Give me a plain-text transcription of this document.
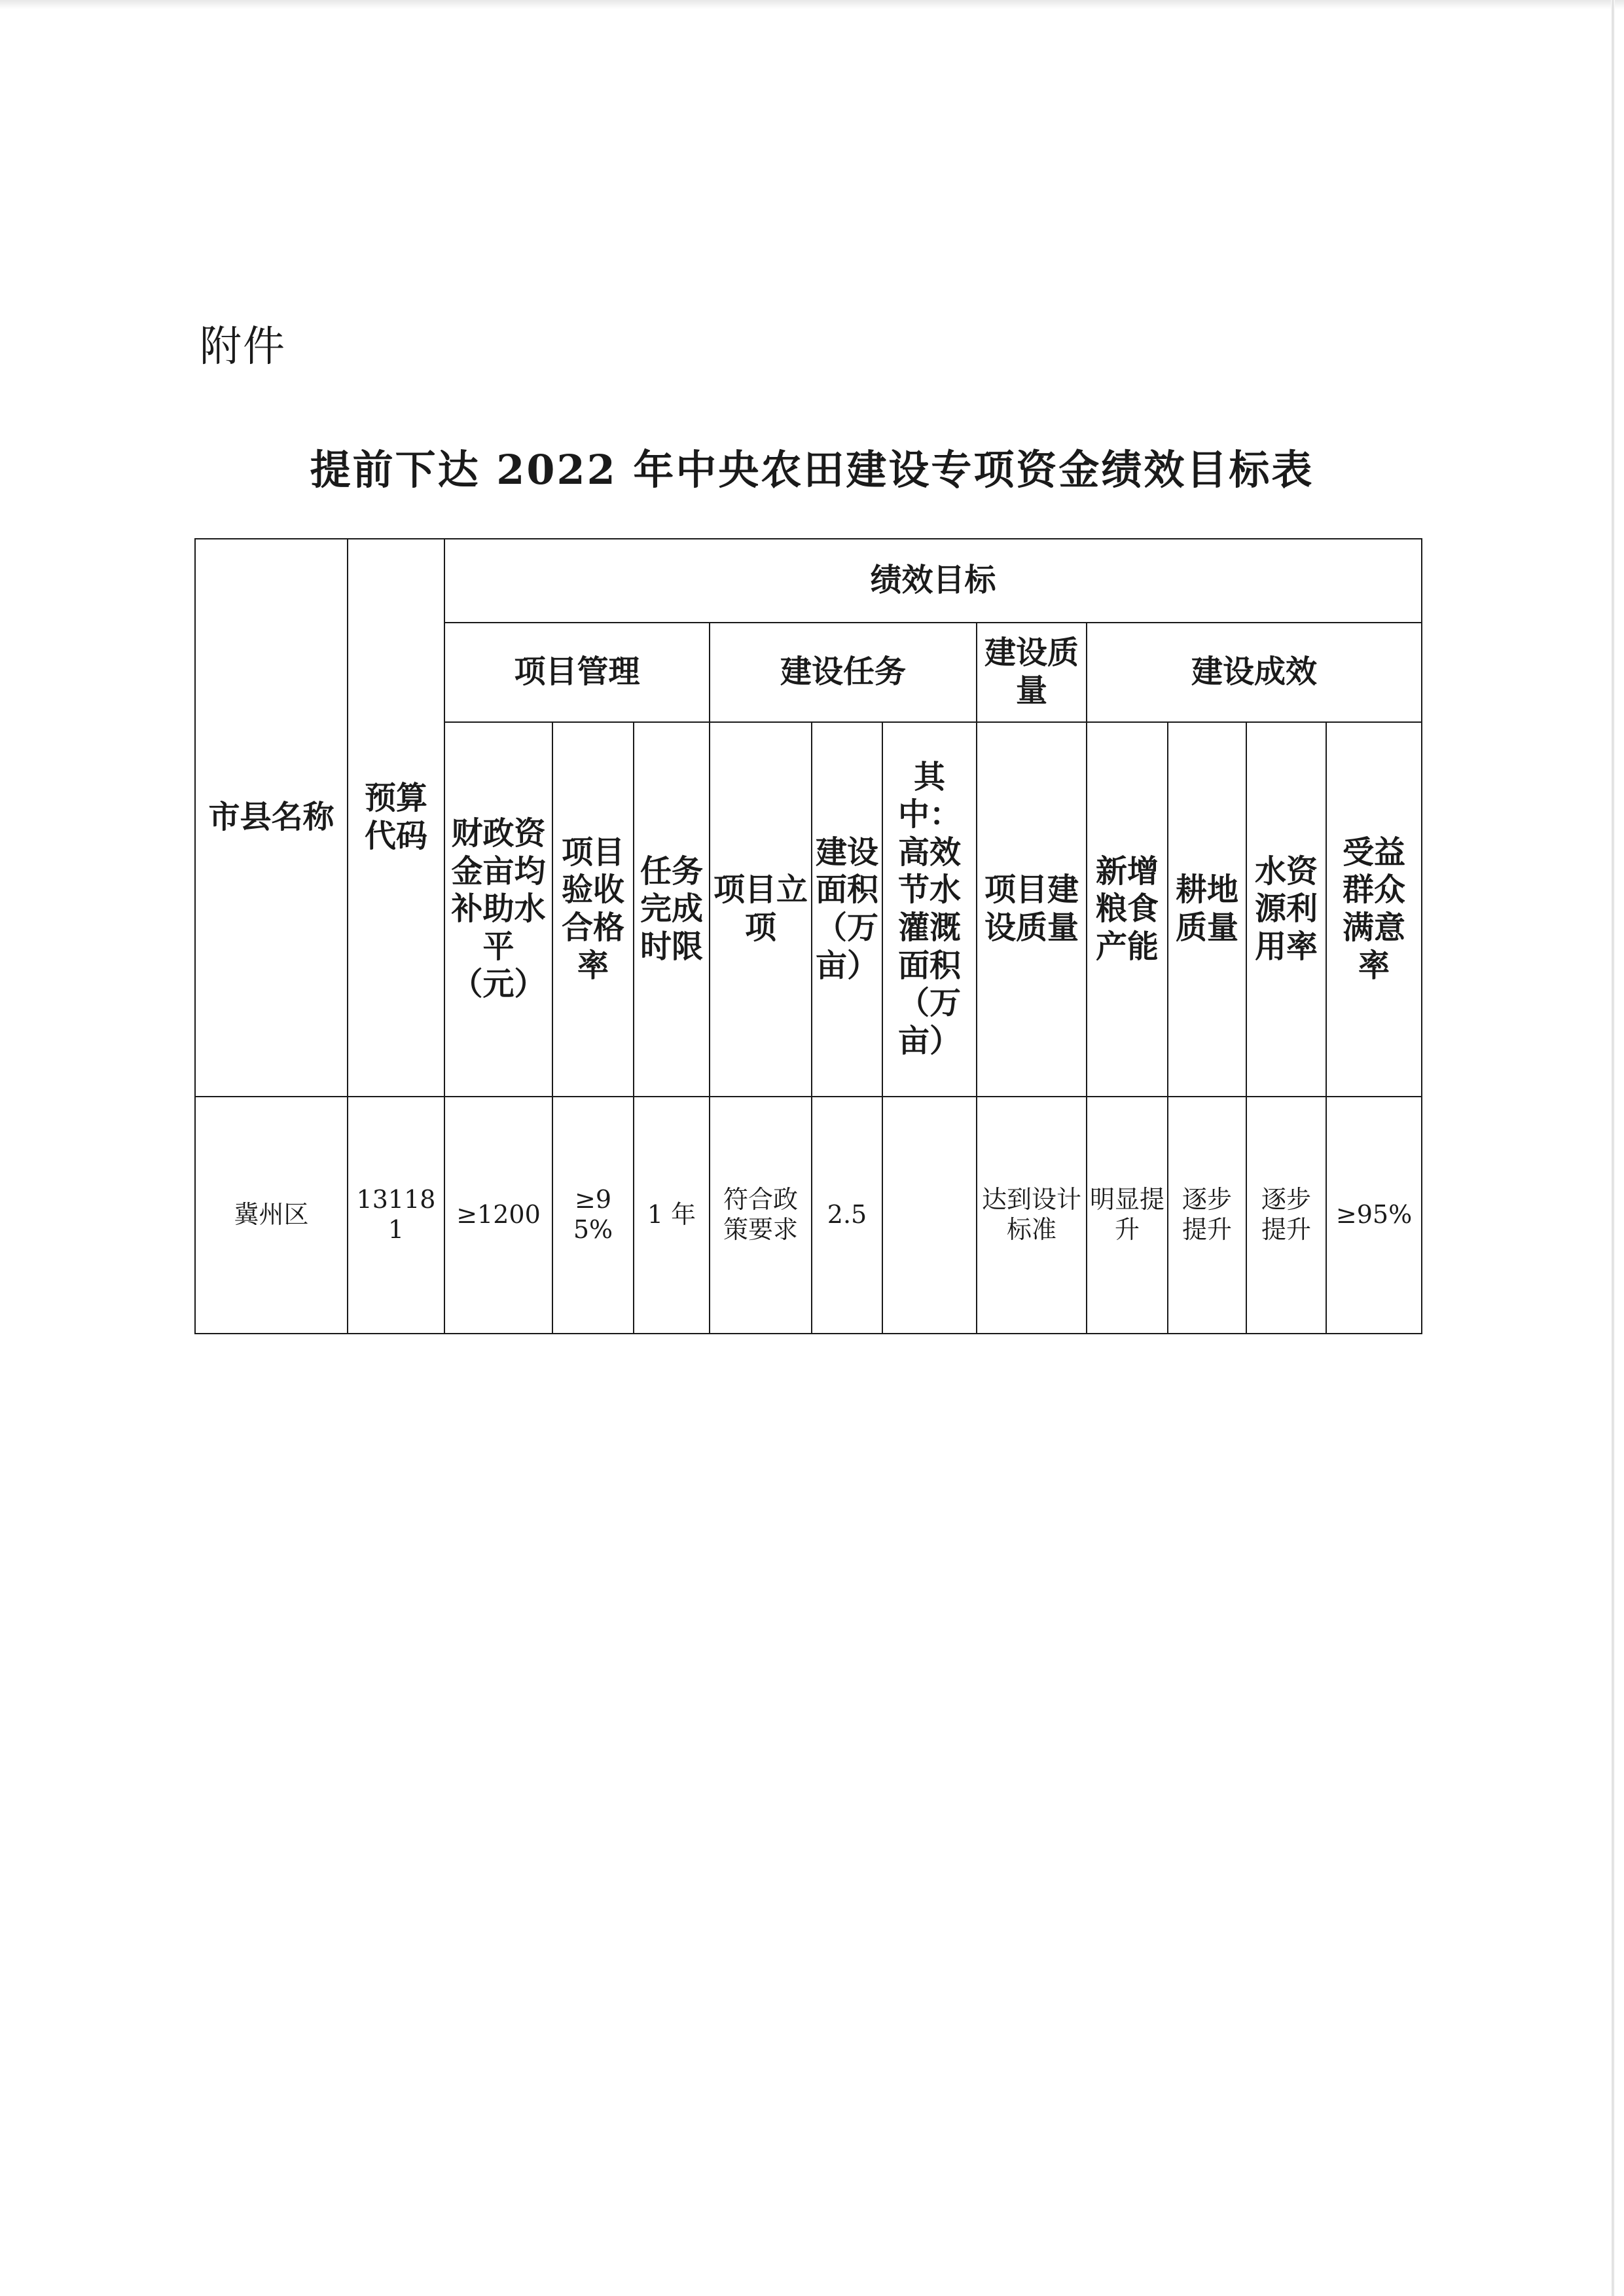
附件
提前下达 2022 年中央农田建设专项资金绩效目标表
市县名称	预算代码	绩效目标										
		项目管理			建设任务			建设质量	建设成效			
		财政资金亩均补助水平（元）	项目验收合格率	任务完成时限	项目立项	建设面积（万亩）	其中：高效节水灌溉面积（万亩）	项目建设质量	新增粮食产能	耕地质量	水资源利用率	受益群众满意率
冀州区	131181	≥1200	≥95%	1 年	符合政策要求	2.5		达到设计标准	明显提升	逐步提升	逐步提升	≥95%
